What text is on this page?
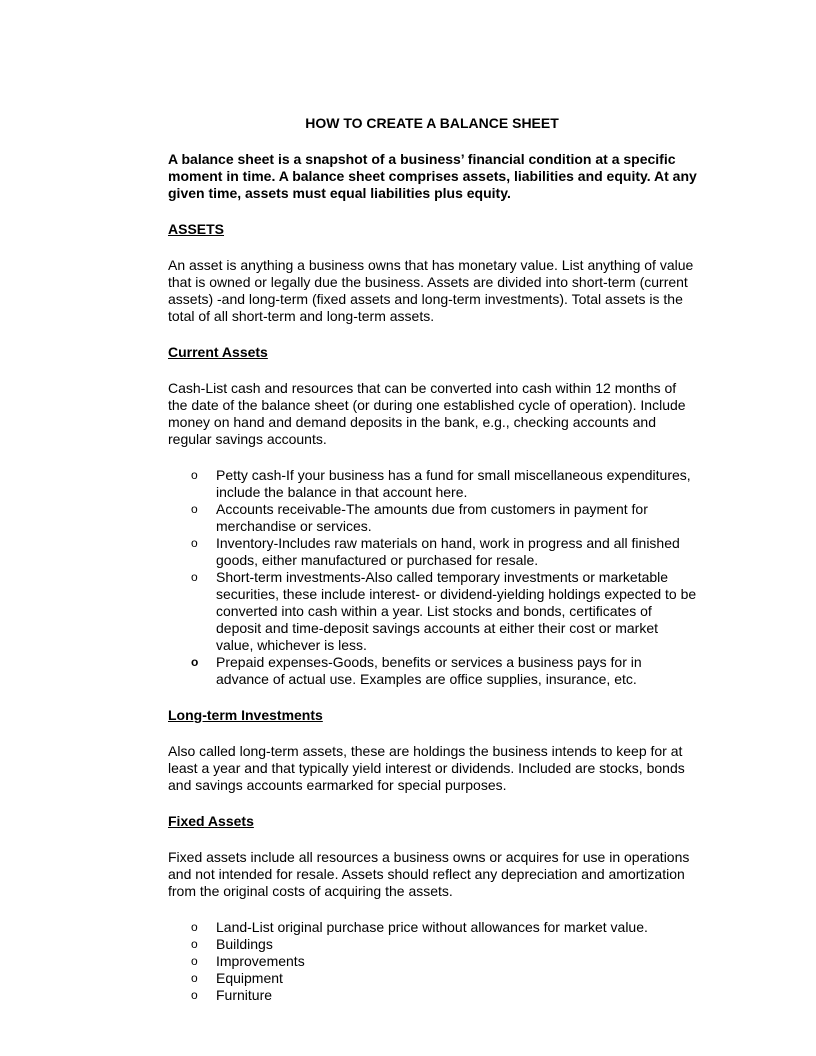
HOW TO CREATE A BALANCE SHEET
A balance sheet is a snapshot of a business’ financial condition at a specific moment in time. A balance sheet comprises assets, liabilities and equity. At any given time, assets must equal liabilities plus equity.
ASSETS
An asset is anything a business owns that has monetary value. List anything of value that is owned or legally due the business. Assets are divided into short-term (current assets) -and long-term (fixed assets and long-term investments). Total assets is the total of all short-term and long-term assets.
Current Assets
Cash-List cash and resources that can be converted into cash within 12 months of the date of the balance sheet (or during one established cycle of operation). Include money on hand and demand deposits in the bank, e.g., checking accounts and regular savings accounts.
o Petty cash-If your business has a fund for small miscellaneous expenditures, include the balance in that account here.
o Accounts receivable-The amounts due from customers in payment for merchandise or services.
o Inventory-Includes raw materials on hand, work in progress and all finished goods, either manufactured or purchased for resale.
o Short-term investments-Also called temporary investments or marketable securities, these include interest- or dividend-yielding holdings expected to be converted into cash within a year. List stocks and bonds, certificates of deposit and time-deposit savings accounts at either their cost or market value, whichever is less.
o Prepaid expenses-Goods, benefits or services a business pays for in advance of actual use. Examples are office supplies, insurance, etc.
Long-term Investments
Also called long-term assets, these are holdings the business intends to keep for at least a year and that typically yield interest or dividends. Included are stocks, bonds and savings accounts earmarked for special purposes.
Fixed Assets
Fixed assets include all resources a business owns or acquires for use in operations and not intended for resale. Assets should reflect any depreciation and amortization from the original costs of acquiring the assets.
o Land-List original purchase price without allowances for market value.
o Buildings
o Improvements
o Equipment
o Furniture
